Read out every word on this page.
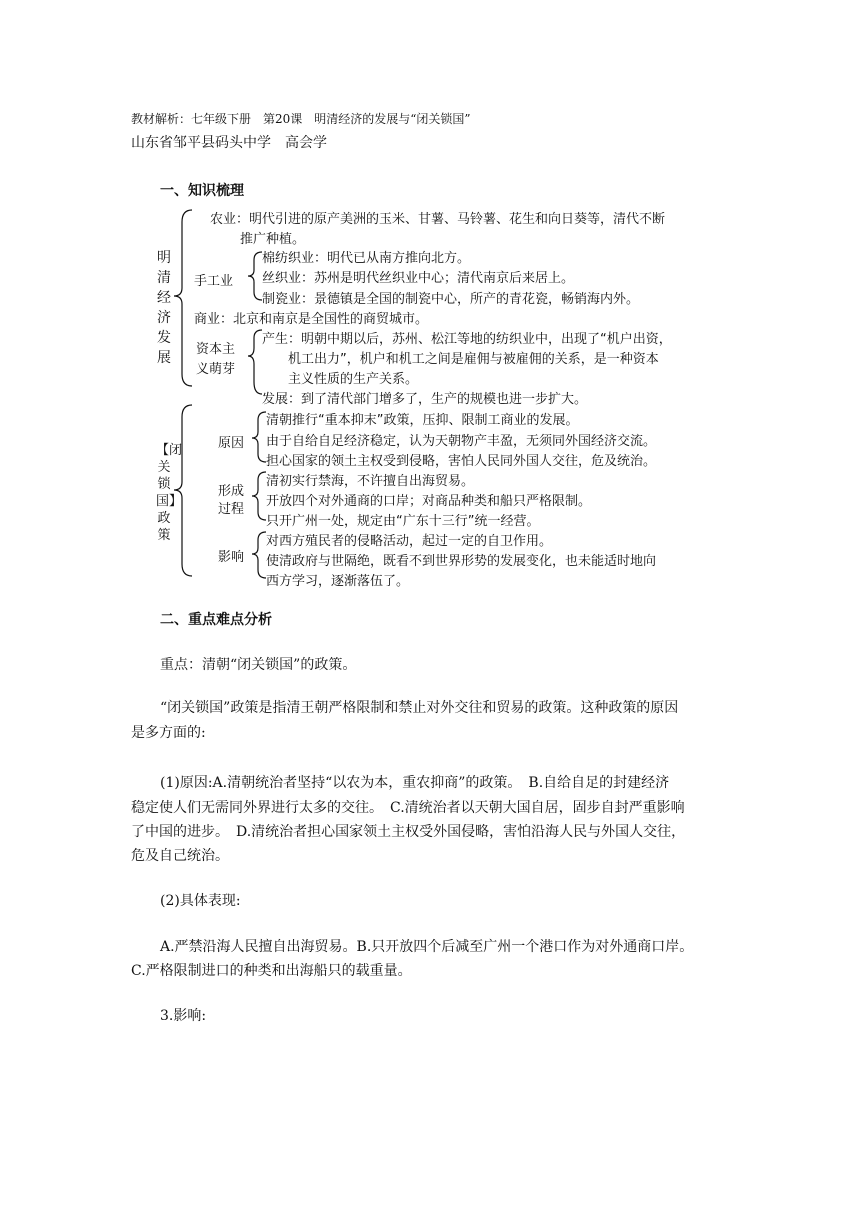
教材解析：七年级下册　第20课　明清经济的发展与“闭关锁国”
山东省邹平县码头中学　高会学
一、知识梳理
明清经济发展
农业：明代引进的原产美洲的玉米、甘薯、马铃薯、花生和向日葵等，清代不断
推广种植。
手工业
棉纺织业：明代已从南方推向北方。
丝织业：苏州是明代丝织业中心；清代南京后来居上。
制瓷业：景德镇是全国的制瓷中心，所产的青花瓷，畅销海内外。
商业：北京和南京是全国性的商贸城市。
资本主
义萌芽
产生：明朝中期以后，苏州、松江等地的纺织业中，出现了“机户出资，
机工出力”，机户和机工之间是雇佣与被雇佣的关系，是一种资本
主义性质的生产关系。
发展：到了清代部门增多了，生产的规模也进一步扩大。
【闭关锁国】政策
原因
清朝推行“重本抑末”政策，压抑、限制工商业的发展。
由于自给自足经济稳定，认为天朝物产丰盈，无须同外国经济交流。
担心国家的领土主权受到侵略，害怕人民同外国人交往，危及统治。
形成
过程
清初实行禁海，不许擅自出海贸易。
开放四个对外通商的口岸；对商品种类和船只严格限制。
只开广州一处，规定由“广东十三行”统一经营。
影响
对西方殖民者的侵略活动，起过一定的自卫作用。
使清政府与世隔绝，既看不到世界形势的发展变化，也未能适时地向
西方学习，逐渐落伍了。
二、重点难点分析
重点：清朝“闭关锁国”的政策。
“闭关锁国”政策是指清王朝严格限制和禁止对外交往和贸易的政策。这种政策的原因
是多方面的:
(1)原因:A.清朝统治者坚持“以农为本，重农抑商”的政策。　B.自给自足的封建经济
稳定使人们无需同外界进行太多的交往。　C.清统治者以天朝大国自居，固步自封严重影响
了中国的进步。　D.清统治者担心国家领土主权受外国侵略，害怕沿海人民与外国人交往，
危及自己统治。
(2)具体表现:
A.严禁沿海人民擅自出海贸易。B.只开放四个后减至广州一个港口作为对外通商口岸。
C.严格限制进口的种类和出海船只的载重量。
3.影响:
